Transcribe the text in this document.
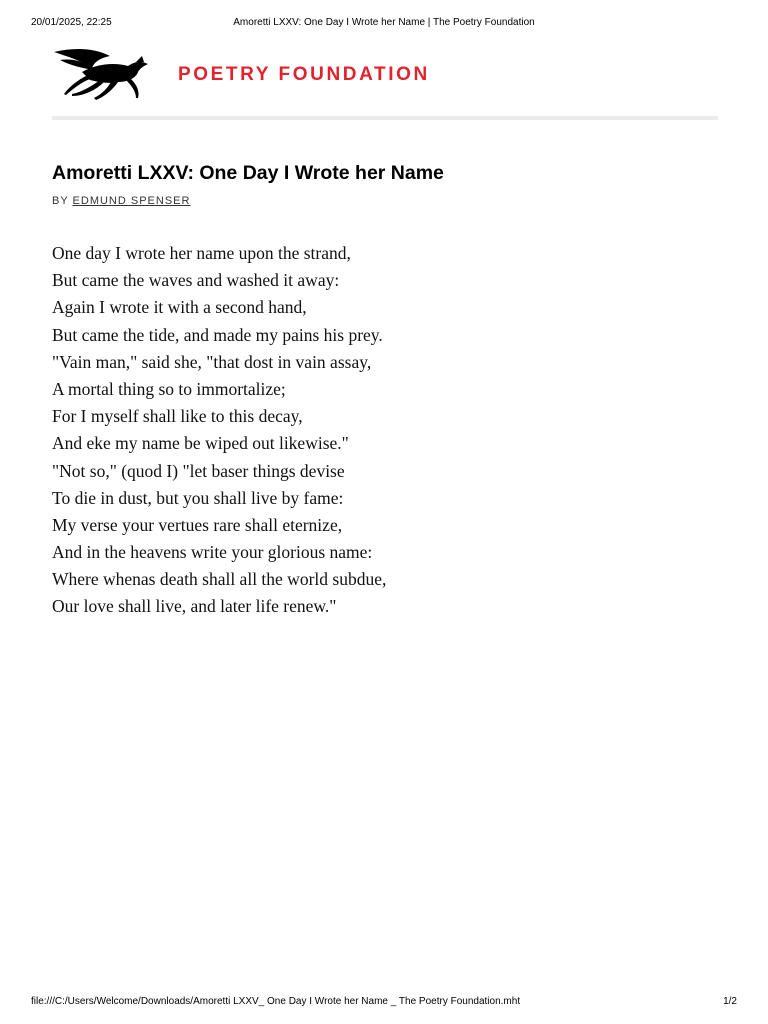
20/01/2025, 22:25	Amoretti LXXV: One Day I Wrote her Name | The Poetry Foundation
POETRY FOUNDATION
Amoretti LXXV: One Day I Wrote her Name
BY EDMUND SPENSER
One day I wrote her name upon the strand,
But came the waves and washed it away:
Again I wrote it with a second hand,
But came the tide, and made my pains his prey.
"Vain man," said she, "that dost in vain assay,
A mortal thing so to immortalize;
For I myself shall like to this decay,
And eke my name be wiped out likewise."
"Not so," (quod I) "let baser things devise
To die in dust, but you shall live by fame:
My verse your vertues rare shall eternize,
And in the heavens write your glorious name:
Where whenas death shall all the world subdue,
Our love shall live, and later life renew."
file:///C:/Users/Welcome/Downloads/Amoretti LXXV_ One Day I Wrote her Name _ The Poetry Foundation.mht	1/2
